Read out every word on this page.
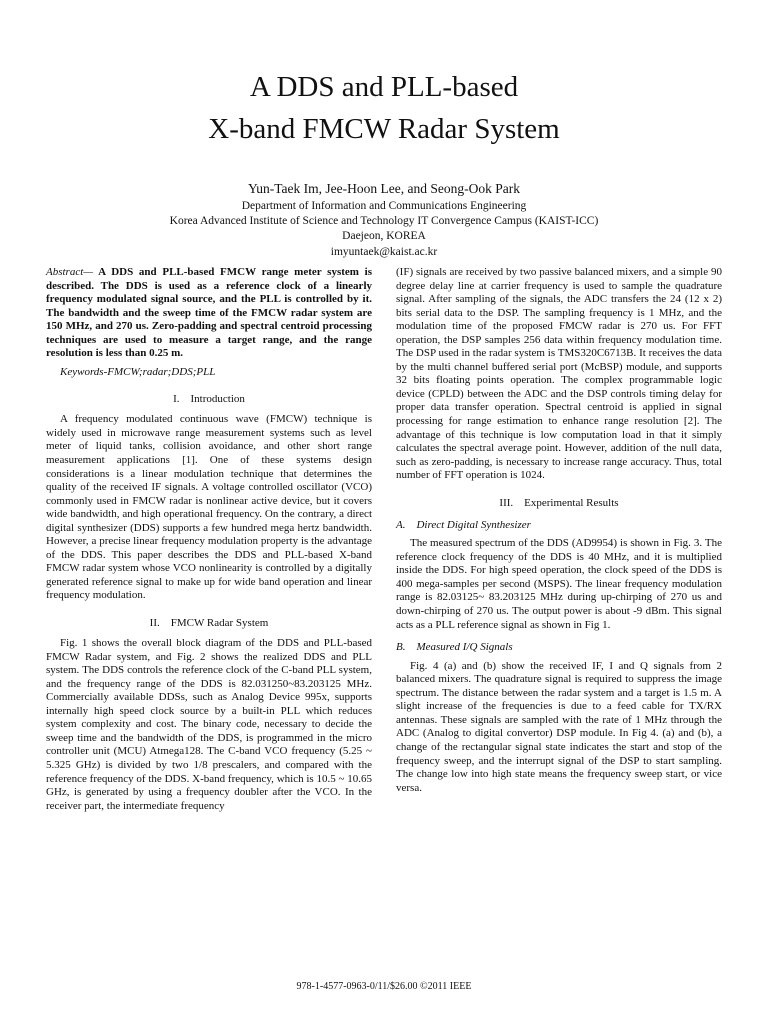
A DDS and PLL-based
X-band FMCW Radar System
Yun-Taek Im, Jee-Hoon Lee, and Seong-Ook Park
Department of Information and Communications Engineering
Korea Advanced Institute of Science and Technology IT Convergence Campus (KAIST-ICC)
Daejeon, KOREA
imyuntaek@kaist.ac.kr

Abstract— A DDS and PLL-based FMCW range meter system is described. The DDS is used as a reference clock of a linearly frequency modulated signal source, and the PLL is controlled by it. The bandwidth and the sweep time of the FMCW radar system are 150 MHz, and 270 us. Zero-padding and spectral centroid processing techniques are used to measure a target range, and the range resolution is less than 0.25 m.

Keywords-FMCW;radar;DDS;PLL

I. Introduction

A frequency modulated continuous wave (FMCW) technique is widely used in microwave range measurement systems such as level meter of liquid tanks, collision avoidance, and other short range measurement applications [1]. One of these systems design considerations is a linear modulation technique that determines the quality of the received IF signals. A voltage controlled oscillator (VCO) commonly used in FMCW radar is nonlinear active device, but it covers wide bandwidth, and high operational frequency. On the contrary, a direct digital synthesizer (DDS) supports a few hundred mega hertz bandwidth. However, a precise linear frequency modulation property is the advantage of the DDS. This paper describes the DDS and PLL-based X-band FMCW radar system whose VCO nonlinearity is controlled by a digitally generated reference signal to make up for wide band operation and linear frequency modulation.

II. FMCW Radar System

Fig. 1 shows the overall block diagram of the DDS and PLL-based FMCW Radar system, and Fig. 2 shows the realized DDS and PLL system. The DDS controls the reference clock of the C-band PLL system, and the frequency range of the DDS is 82.031250~83.203125 MHz. Commercially available DDSs, such as Analog Device 995x, supports internally high speed clock source by a built-in PLL which reduces system complexity and cost. The binary code, necessary to decide the sweep time and the bandwidth of the DDS, is programmed in the micro controller unit (MCU) Atmega128. The C-band VCO frequency (5.25 ~ 5.325 GHz) is divided by two 1/8 prescalers, and compared with the reference frequency of the DDS. X-band frequency, which is 10.5 ~ 10.65 GHz, is generated by using a frequency doubler after the VCO. In the receiver part, the intermediate frequency

(IF) signals are received by two passive balanced mixers, and a simple 90 degree delay line at carrier frequency is used to sample the quadrature signal. After sampling of the signals, the ADC transfers the 24 (12 x 2) bits serial data to the DSP. The sampling frequency is 1 MHz, and the modulation time of the proposed FMCW radar is 270 us. For FFT operation, the DSP samples 256 data within frequency modulation time. The DSP used in the radar system is TMS320C6713B. It receives the data by the multi channel buffered serial port (McBSP) module, and supports 32 bits floating points operation. The complex programmable logic device (CPLD) between the ADC and the DSP controls timing delay for proper data transfer operation. Spectral centroid is applied in signal processing for range estimation to enhance range resolution [2]. The advantage of this technique is low computation load in that it simply calculates the spectral average point. However, addition of the null data, such as zero-padding, is necessary to increase range accuracy. Thus, total number of FFT operation is 1024.

III. Experimental Results

A. Direct Digital Synthesizer

The measured spectrum of the DDS (AD9954) is shown in Fig. 3. The reference clock frequency of the DDS is 40 MHz, and it is multiplied inside the DDS. For high speed operation, the clock speed of the DDS is 400 mega-samples per second (MSPS). The linear frequency modulation range is 82.03125~ 83.203125 MHz during up-chirping of 270 us and down-chirping of 270 us. The output power is about -9 dBm. This signal acts as a PLL reference signal as shown in Fig 1.

B. Measured I/Q Signals

Fig. 4 (a) and (b) show the received IF, I and Q signals from 2 balanced mixers. The quadrature signal is required to suppress the image spectrum. The distance between the radar system and a target is 1.5 m. A slight increase of the frequencies is due to a feed cable for TX/RX antennas. These signals are sampled with the rate of 1 MHz through the ADC (Analog to digital convertor) DSP module. In Fig 4. (a) and (b), a change of the rectangular signal state indicates the start and stop of the frequency sweep, and the interrupt signal of the DSP to start sampling. The change low into high state means the frequency sweep start, or vice versa.

978-1-4577-0963-0/11/$26.00 ©2011 IEEE
